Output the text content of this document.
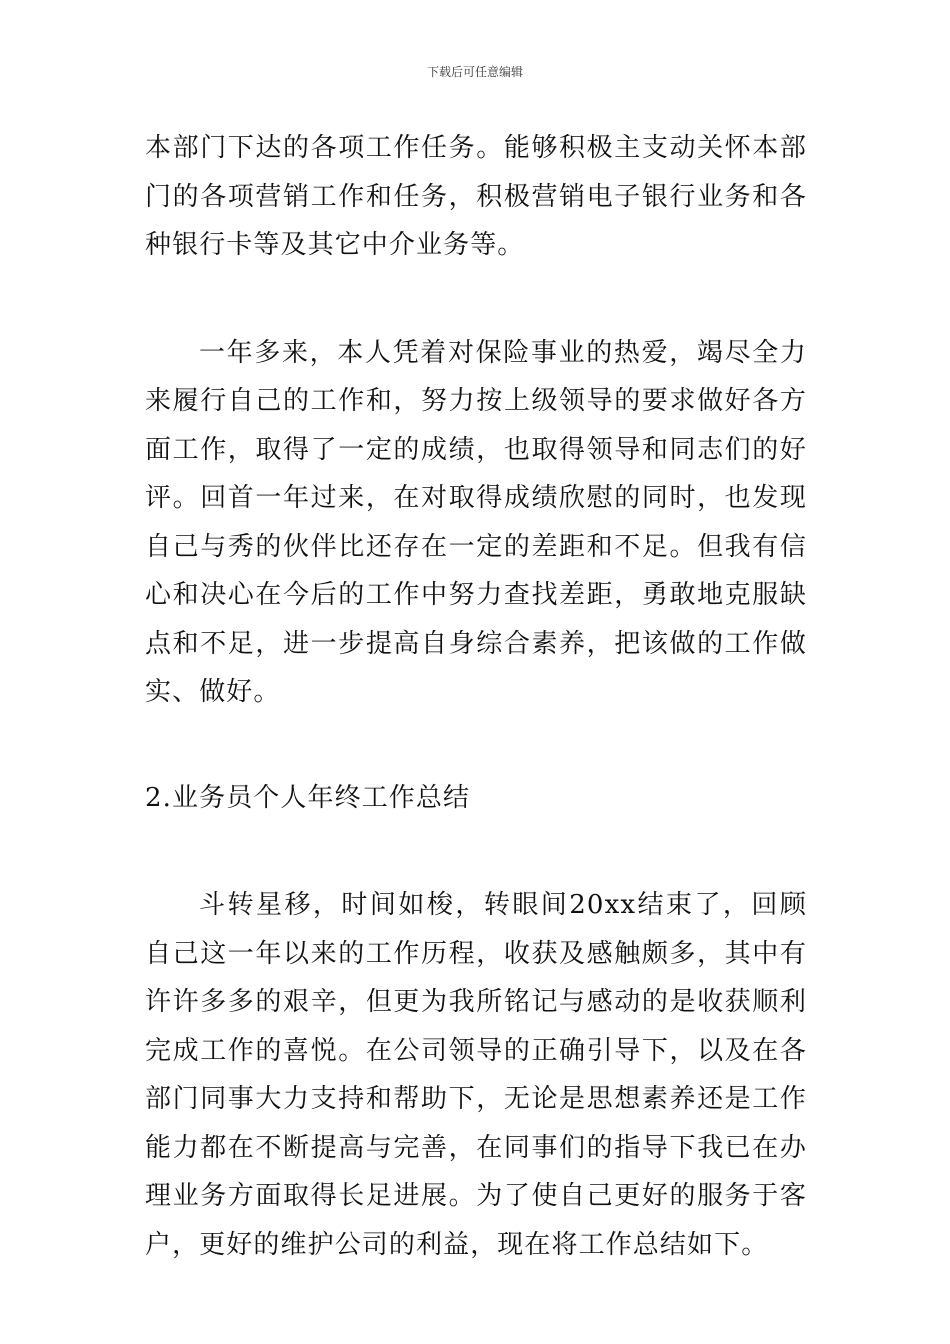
下载后可任意编辑

本部门下达的各项工作任务。能够积极主支动关怀本部门的各项营销工作和任务，积极营销电子银行业务和各种银行卡等及其它中介业务等。

一年多来，本人凭着对保险事业的热爱，竭尽全力来履行自己的工作和，努力按上级领导的要求做好各方面工作，取得了一定的成绩，也取得领导和同志们的好评。回首一年过来，在对取得成绩欣慰的同时，也发现自己与秀的伙伴比还存在一定的差距和不足。但我有信心和决心在今后的工作中努力查找差距，勇敢地克服缺点和不足，进一步提高自身综合素养，把该做的工作做实、做好。

2.业务员个人年终工作总结

斗转星移，时间如梭，转眼间20xx结束了，回顾自己这一年以来的工作历程，收获及感触颇多，其中有许许多多的艰辛，但更为我所铭记与感动的是收获顺利完成工作的喜悦。在公司领导的正确引导下，以及在各部门同事大力支持和帮助下，无论是思想素养还是工作能力都在不断提高与完善，在同事们的指导下我已在办理业务方面取得长足进展。为了使自己更好的服务于客户，更好的维护公司的利益，现在将工作总结如下。
